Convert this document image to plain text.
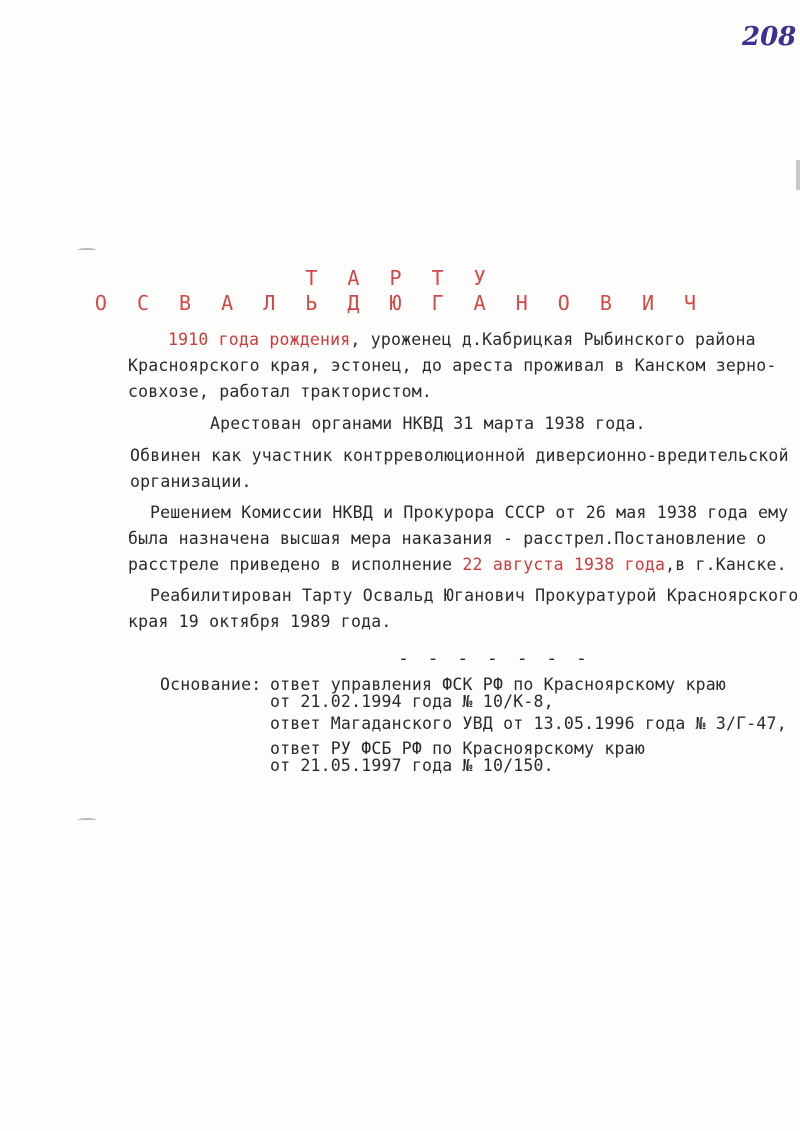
208
Т А Р Т У
О С В А Л Ь Д Ю Г А Н О В И Ч
1910 года рождения, уроженец д.Кабрицкая Рыбинского района
Красноярского края, эстонец, до ареста проживал в Канском зерно-
совхозе, работал трактористом.
Арестован органами НКВД 31 марта 1938 года.
Обвинен как участник контрреволюционной диверсионно-вредительской
организации.
Решением Комиссии НКВД и Прокурора СССР от 26 мая 1938 года ему
была назначена высшая мера наказания - расстрел.Постановление о
расстреле приведено в исполнение 22 августа 1938 года,в г.Канске.
Реабилитирован Тарту Освальд Юганович Прокуратурой Красноярского
края 19 октября 1989 года.
- - - - - - -
Основание: ответ управления ФСК РФ по Красноярскому краю
от 21.02.1994 года № 10/К-8,
ответ Магаданского УВД от 13.05.1996 года № 3/Г-47,
ответ РУ ФСБ РФ по Красноярскому краю
от 21.05.1997 года № 10/150.
